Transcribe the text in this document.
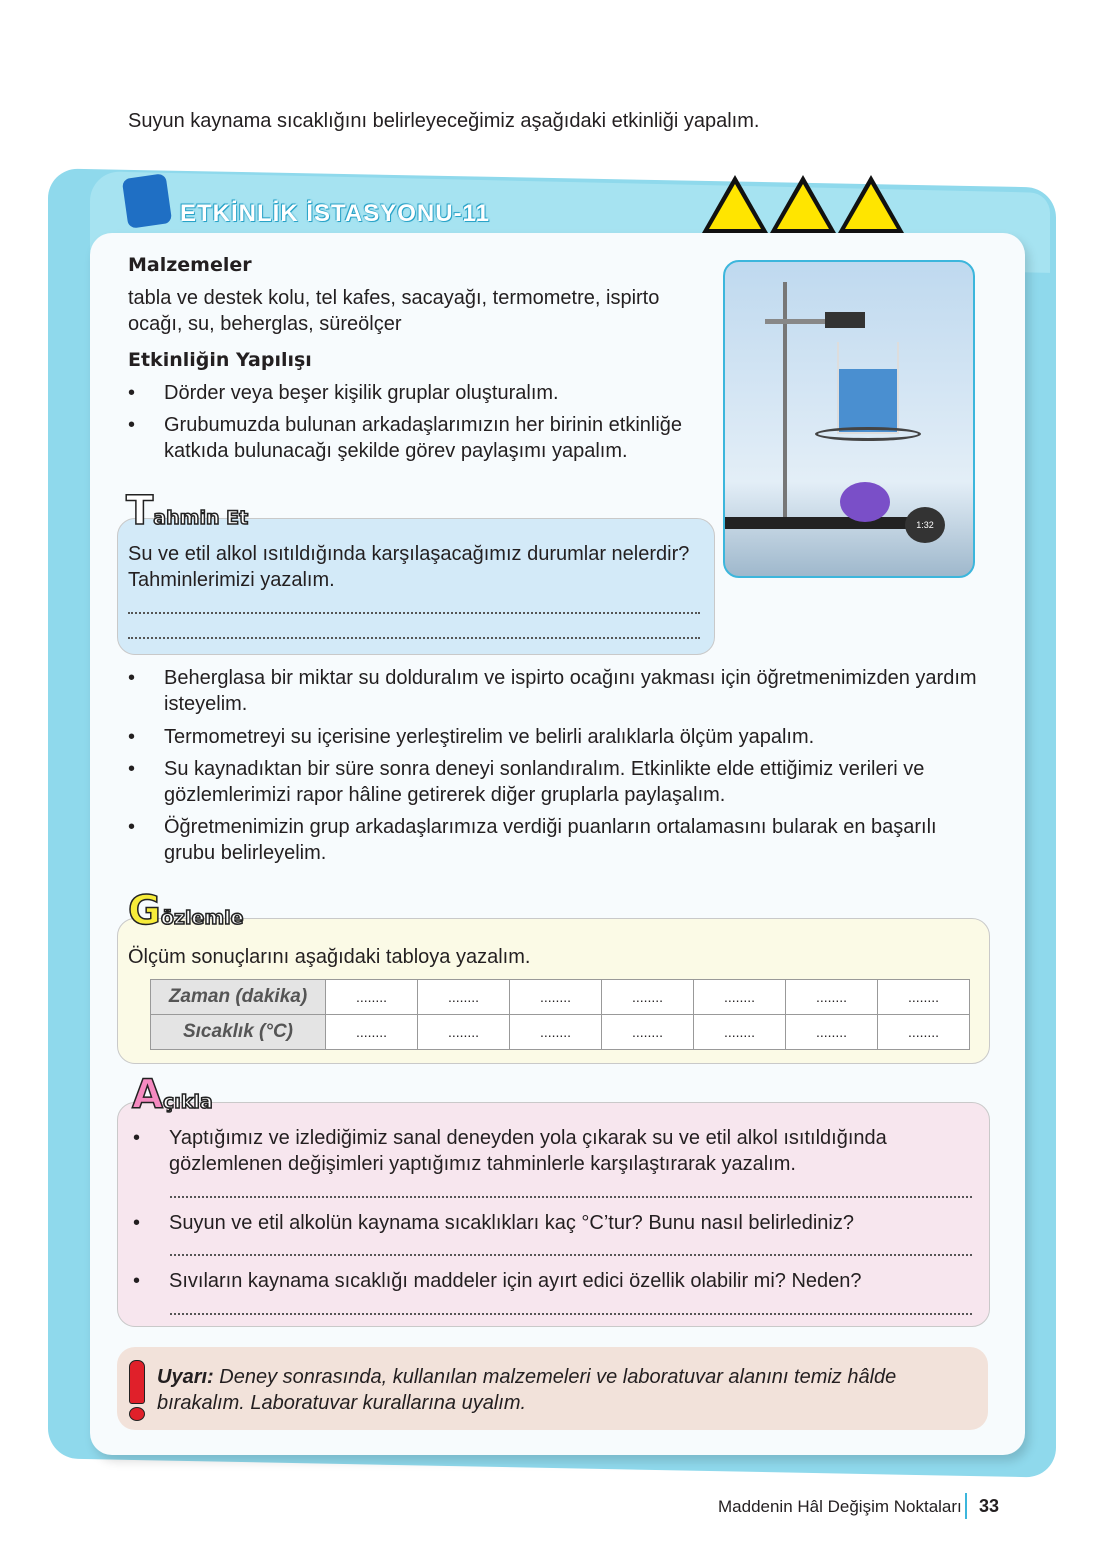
Suyun kaynama sıcaklığını belirleyeceğimiz aşağıdaki etkinliği yapalım.

ETKİNLİK İSTASYONU-11
Malzemeler

tabla ve destek kolu, tel kafes, sacayağı, termometre, ispirto ocağı, su, beherglas, süreölçer

Etkinliğin Yapılışı
• Dörder veya beşer kişilik gruplar oluşturalım.
• Grubumuzda bulunan arkadaşlarımızın her birinin etkinliğe katkıda bulunacağı şekilde görev paylaşımı yapalım.
1:32
Tahmin Et

Su ve etil alkol ısıtıldığında karşılaşacağımız durumlar nelerdir? Tahminlerimizi yazalım.

• Beherglasa bir miktar su dolduralım ve ispirto ocağını yakması için öğretmenimizden yardım isteyelim.
• Termometreyi su içerisine yerleştirelim ve belirli aralıklarla ölçüm yapalım.
• Su kaynadıktan bir süre sonra deneyi sonlandıralım. Etkinlikte elde ettiğimiz verileri ve gözlemlerimizi rapor hâline getirerek diğer gruplarla paylaşalım.
• Öğretmenimizin grup arkadaşlarımıza verdiği puanların ortalamasını bularak en başarılı grubu belirleyelim.
Gözlemle

Ölçüm sonuçlarını aşağıdaki tabloya yazalım.

Zaman (dakika)	........	........	........	........	........	........	........
Sıcaklık (°C)	........	........	........	........	........	........	........
Açıkla
• Yaptığımız ve izlediğimiz sanal deneyden yola çıkarak su ve etil alkol ısıtıldığında gözlemlenen değişimleri yaptığımız tahminlerle karşılaştırarak yazalım.
• Suyun ve etil alkolün kaynama sıcaklıkları kaç °C’tur? Bunu nasıl belirlediniz?
• Sıvıların kaynama sıcaklığı maddeler için ayırt edici özellik olabilir mi? Neden?

Uyarı: Deney sonrasında, kullanılan malzemeleri ve laboratuvar alanını temiz hâlde bırakalım. Laboratuvar kurallarına uyalım.

Maddenin Hâl Değişim Noktaları 33
